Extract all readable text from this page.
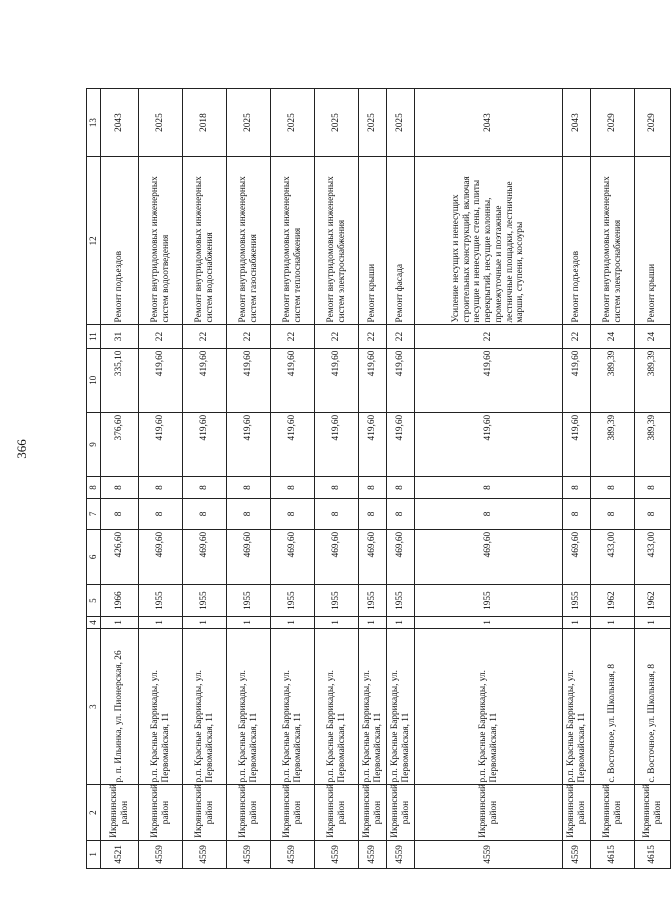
366
1	2	3	4	5	6	7	8	9	10	11	12	13
4521	Икрянинский район	р. п. Ильинка, ул. Пионерская, 26	1	1966	426,60	8	8	376,60	335,10	31	Ремонт подъездов	2043
4559	Икрянинский район	р.п. Красные Баррикады, ул. Первомайская, 11	1	1955	469,60	8	8	419,60	419,60	22	Ремонт внутридомовых инженерных систем водоотведения	2025
4559	Икрянинский район	р.п. Красные Баррикады, ул. Первомайская, 11	1	1955	469,60	8	8	419,60	419,60	22	Ремонт внутридомовых инженерных систем водоснабжения	2018
4559	Икрянинский район	р.п. Красные Баррикады, ул. Первомайская, 11	1	1955	469,60	8	8	419,60	419,60	22	Ремонт внутридомовых инженерных систем газоснабжения	2025
4559	Икрянинский район	р.п. Красные Баррикады, ул. Первомайская, 11	1	1955	469,60	8	8	419,60	419,60	22	Ремонт внутридомовых инженерных систем теплоснабжения	2025
4559	Икрянинский район	р.п. Красные Баррикады, ул. Первомайская, 11	1	1955	469,60	8	8	419,60	419,60	22	Ремонт внутридомовых инженерных систем электроснабжения	2025
4559	Икрянинский район	р.п. Красные Баррикады, ул. Первомайская, 11	1	1955	469,60	8	8	419,60	419,60	22	Ремонт крыши	2025
4559	Икрянинский район	р.п. Красные Баррикады, ул. Первомайская, 11	1	1955	469,60	8	8	419,60	419,60	22	Ремонт фасада	2025
4559	Икрянинский район	р.п. Красные Баррикады, ул. Первомайская, 11	1	1955	469,60	8	8	419,60	419,60	22	Усиление несущих и ненесущих строительных конструкций, включая несущие и ненесущие стены, плиты перекрытий, несущие колонны, промежуточные и поэтажные лестничные площадки, лестничные марши, ступени, косоуры	2043
4559	Икрянинский район	р.п. Красные Баррикады, ул. Первомайская, 11	1	1955	469,60	8	8	419,60	419,60	22	Ремонт подъездов	2043
4615	Икрянинский район	с. Восточное, ул. Школьная, 8	1	1962	433,00	8	8	389,39	389,39	24	Ремонт внутридомовых инженерных систем электроснабжения	2029
4615	Икрянинский район	с. Восточное, ул. Школьная, 8	1	1962	433,00	8	8	389,39	389,39	24	Ремонт крыши	2029
